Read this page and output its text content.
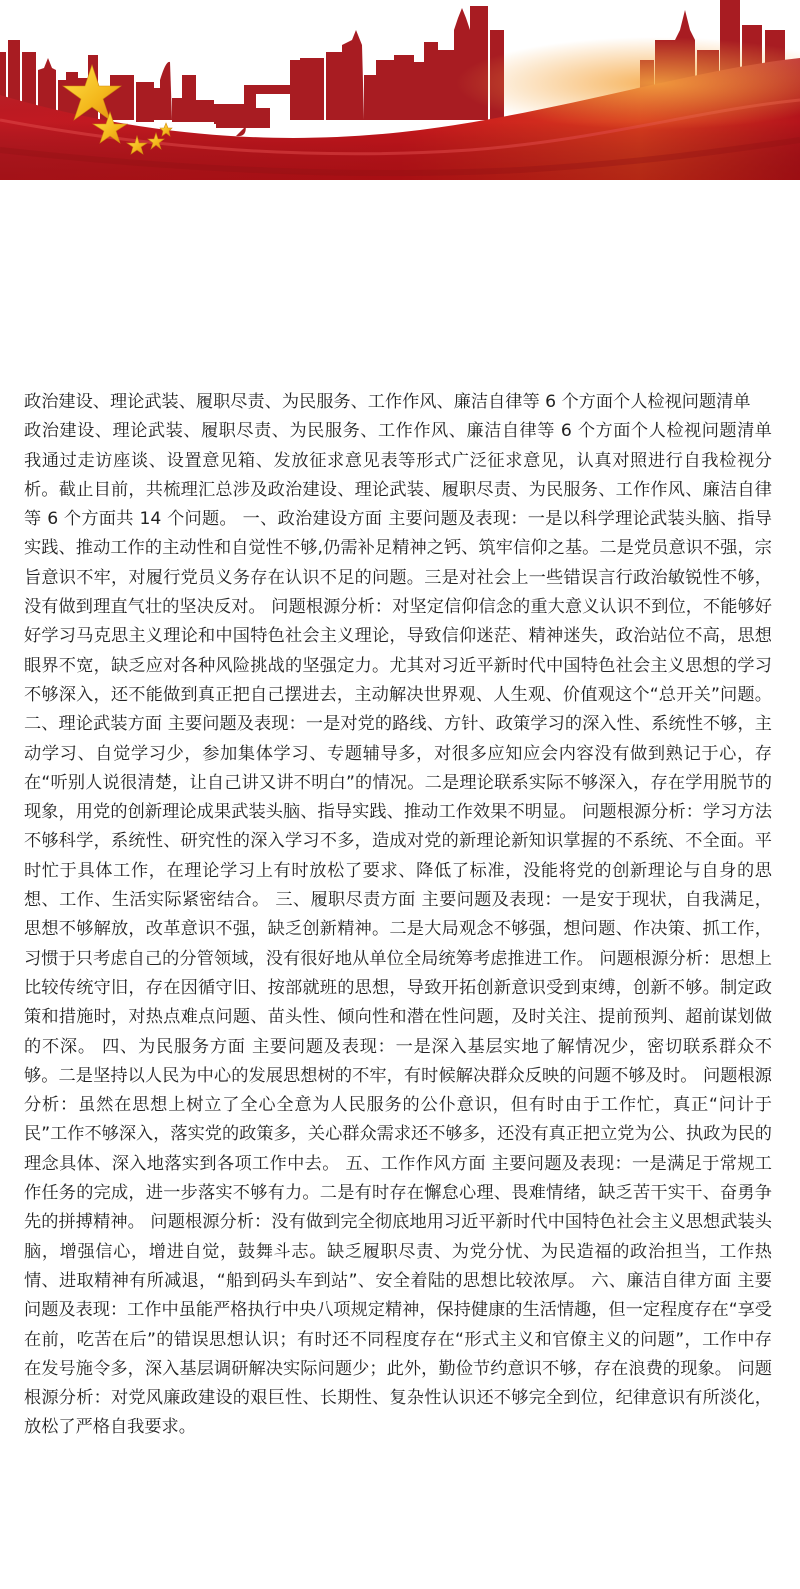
政治建设、理论武装、履职尽责、为民服务、工作作风、廉洁自律等 6 个方面个人检视问题清单

政治建设、理论武装、履职尽责、为民服务、工作作风、廉洁自律等 6 个方面个人检视问题清单 我通过走访座谈、设置意见箱、发放征求意见表等形式广泛征求意见，认真对照进行自我检视分析。截止目前，共梳理汇总涉及政治建设、理论武装、履职尽责、为民服务、工作作风、廉洁自律等 6 个方面共 14 个问题。 一、政治建设方面 主要问题及表现：一是以科学理论武装头脑、指导实践、推动工作的主动性和自觉性不够,仍需补足精神之钙、筑牢信仰之基。二是党员意识不强，宗旨意识不牢，对履行党员义务存在认识不足的问题。三是对社会上一些错误言行政治敏锐性不够，没有做到理直气壮的坚决反对。 问题根源分析：对坚定信仰信念的重大意义认识不到位，不能够好好学习马克思主义理论和中国特色社会主义理论，导致信仰迷茫、精神迷失，政治站位不高，思想眼界不宽，缺乏应对各种风险挑战的坚强定力。尤其对习近平新时代中国特色社会主义思想的学习不够深入，还不能做到真正把自己摆进去，主动解决世界观、人生观、价值观这个“总开关”问题。 二、理论武装方面 主要问题及表现：一是对党的路线、方针、政策学习的深入性、系统性不够，主动学习、自觉学习少，参加集体学习、专题辅导多，对很多应知应会内容没有做到熟记于心，存在“听别人说很清楚，让自己讲又讲不明白”的情况。二是理论联系实际不够深入，存在学用脱节的现象，用党的创新理论成果武装头脑、指导实践、推动工作效果不明显。 问题根源分析：学习方法不够科学，系统性、研究性的深入学习不多，造成对党的新理论新知识掌握的不系统、不全面。平时忙于具体工作，在理论学习上有时放松了要求、降低了标准，没能将党的创新理论与自身的思想、工作、生活实际紧密结合。 三、履职尽责方面 主要问题及表现：一是安于现状，自我满足，思想不够解放，改革意识不强，缺乏创新精神。二是大局观念不够强，想问题、作决策、抓工作，习惯于只考虑自己的分管领域，没有很好地从单位全局统筹考虑推进工作。 问题根源分析：思想上比较传统守旧，存在因循守旧、按部就班的思想，导致开拓创新意识受到束缚，创新不够。制定政策和措施时，对热点难点问题、苗头性、倾向性和潜在性问题，及时关注、提前预判、超前谋划做的不深。 四、为民服务方面 主要问题及表现：一是深入基层实地了解情况少，密切联系群众不够。二是坚持以人民为中心的发展思想树的不牢，有时候解决群众反映的问题不够及时。 问题根源分析：虽然在思想上树立了全心全意为人民服务的公仆意识，但有时由于工作忙，真正“问计于民”工作不够深入，落实党的政策多，关心群众需求还不够多，还没有真正把立党为公、执政为民的理念具体、深入地落实到各项工作中去。 五、工作作风方面 主要问题及表现：一是满足于常规工作任务的完成，进一步落实不够有力。二是有时存在懈怠心理、畏难情绪，缺乏苦干实干、奋勇争先的拼搏精神。 问题根源分析：没有做到完全彻底地用习近平新时代中国特色社会主义思想武装头脑，增强信心，增进自觉，鼓舞斗志。缺乏履职尽责、为党分忧、为民造福的政治担当，工作热情、进取精神有所减退，“船到码头车到站”、安全着陆的思想比较浓厚。 六、廉洁自律方面 主要问题及表现：工作中虽能严格执行中央八项规定精神，保持健康的生活情趣，但一定程度存在“享受在前，吃苦在后”的错误思想认识；有时还不同程度存在“形式主义和官僚主义的问题”，工作中存在发号施令多，深入基层调研解决实际问题少；此外，勤俭节约意识不够，存在浪费的现象。 问题根源分析：对党风廉政建设的艰巨性、长期性、复杂性认识还不够完全到位，纪律意识有所淡化，放松了严格自我要求。
